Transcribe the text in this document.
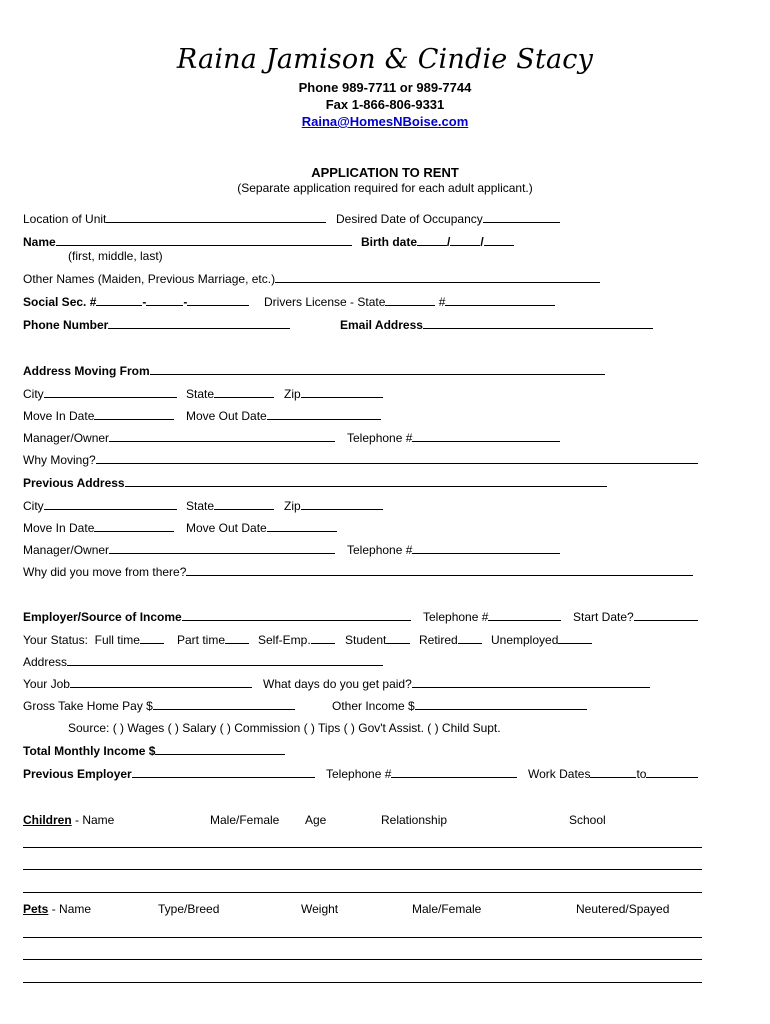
Raina Jamison & Cindie Stacy
Phone 989-7711 or 989-7744
Fax 1-866-806-9331
Raina@HomesNBoise.com
APPLICATION TO RENT
(Separate application required for each adult applicant.)
Location of Unit	Desired Date of Occupancy
Name	Birth date	/	/
(first, middle, last)
Other Names (Maiden, Previous Marriage, etc.)
Social Sec. #	-	-	Drivers License - State	#
Phone Number	Email Address
Address Moving From
City	State	Zip
Move In Date	Move Out Date
Manager/Owner	Telephone #
Why Moving?
Previous Address
City	State	Zip
Move In Date	Move Out Date
Manager/Owner	Telephone #
Why did you move from there?
Employer/Source of Income	Telephone #	Start Date?
Your Status: Full time	Part time	Self-Emp.	Student	Retired	Unemployed
Address
Your Job	What days do you get paid?
Gross Take Home Pay $	Other Income $
Source: ( ) Wages ( ) Salary ( ) Commission ( ) Tips ( ) Gov't Assist. ( ) Child Supt.
Total Monthly Income $
Previous Employer	Telephone #	Work Dates	to
Children - Name	Male/Female Age	Relationship	School
Pets - Name	Type/Breed	Weight	Male/Female	Neutered/Spayed
